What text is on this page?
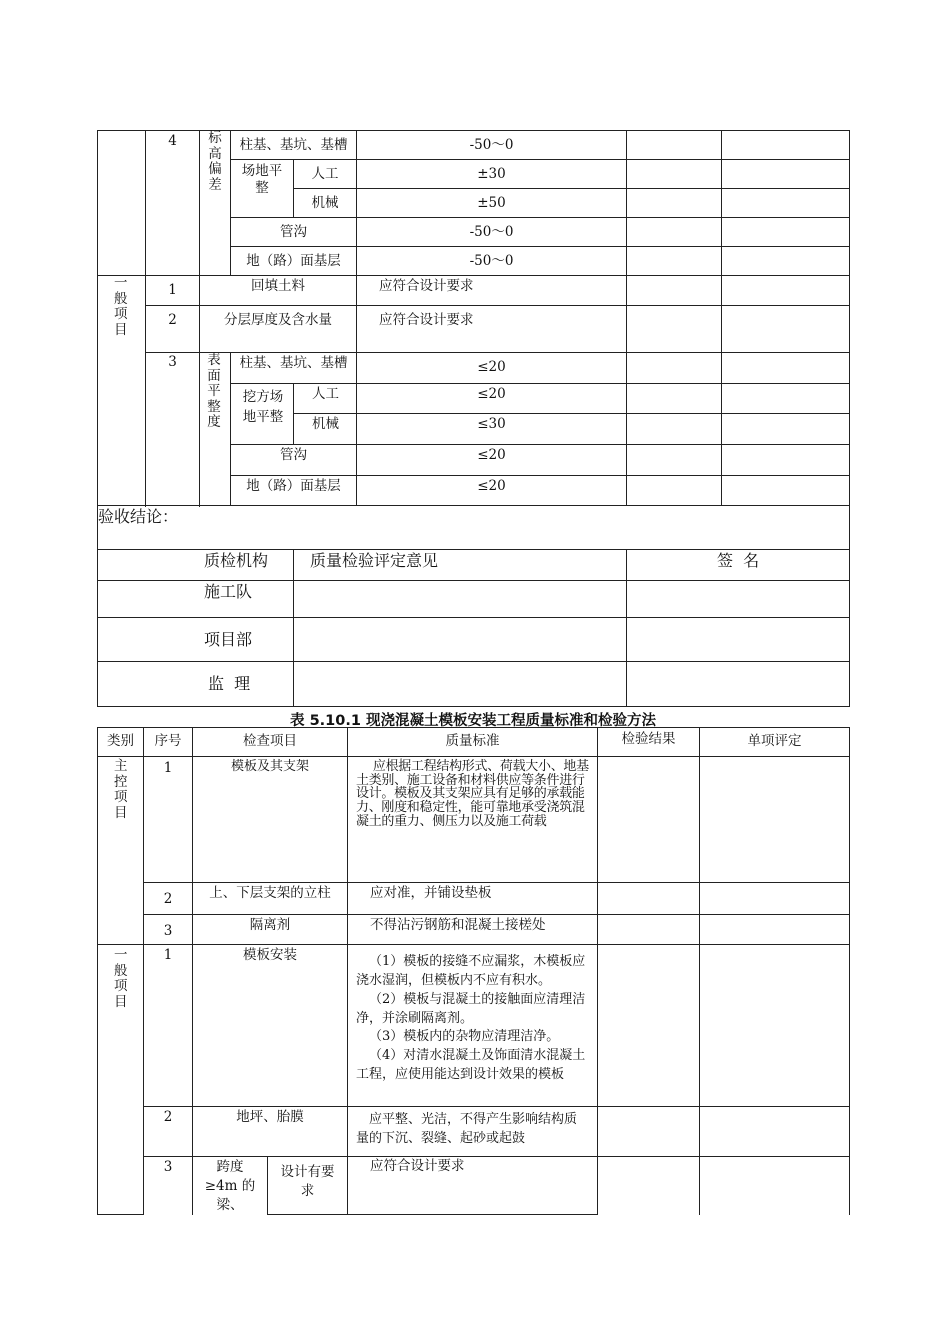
	4	标高偏差	柱基、基坑、基槽		-50～0		

			场地平整	人工	±30		

				机械	±50		

			管沟		-50～0		

			地（路）面基层		-50～0		

一般项目	1	回填土料			应符合设计要求		

	2	分层厚度及含水量			应符合设计要求		

	3	表面平整度	柱基、基坑、基槽		≤20		

			挖方场地平整	人工	≤20		

				机械	≤30		

			管沟		≤20		

			地（路）面基层		≤20		

验收结论：							

质检机构				质量检验评定意见		签  名	

施工队							

项目部							

监  理							

表 5.10.1 现浇混凝土模板安装工程质量标准和检验方法
类别	序号	检查项目		质量标准	检验结果	单项评定

主控项目	1	模板及其支架		应根据工程结构形式、荷载大小、地基土类别、施工设备和材料供应等条件进行设计。模板及其支架应具有足够的承载能力、刚度和稳定性，能可靠地承受浇筑混凝土的重力、侧压力以及施工荷载		

	2	上、下层支架的立柱		应对准，并铺设垫板		

	3	隔离剂		不得沾污钢筋和混凝土接槎处		

一般项目	1	模板安装		（1）模板的接缝不应漏浆，木模板应浇水湿润，但模板内不应有积水。
（2）模板与混凝土的接触面应清理洁净，并涂刷隔离剂。
（3）模板内的杂物应清理洁净。
（4）对清水混凝土及饰面清水混凝土工程，应使用能达到设计效果的模板		

	2	地坪、胎膜		应平整、光洁，不得产生影响结构质量的下沉、裂缝、起砂或起鼓		

	3	跨度≥4m 的梁、	设计有要求	应符合设计要求		
